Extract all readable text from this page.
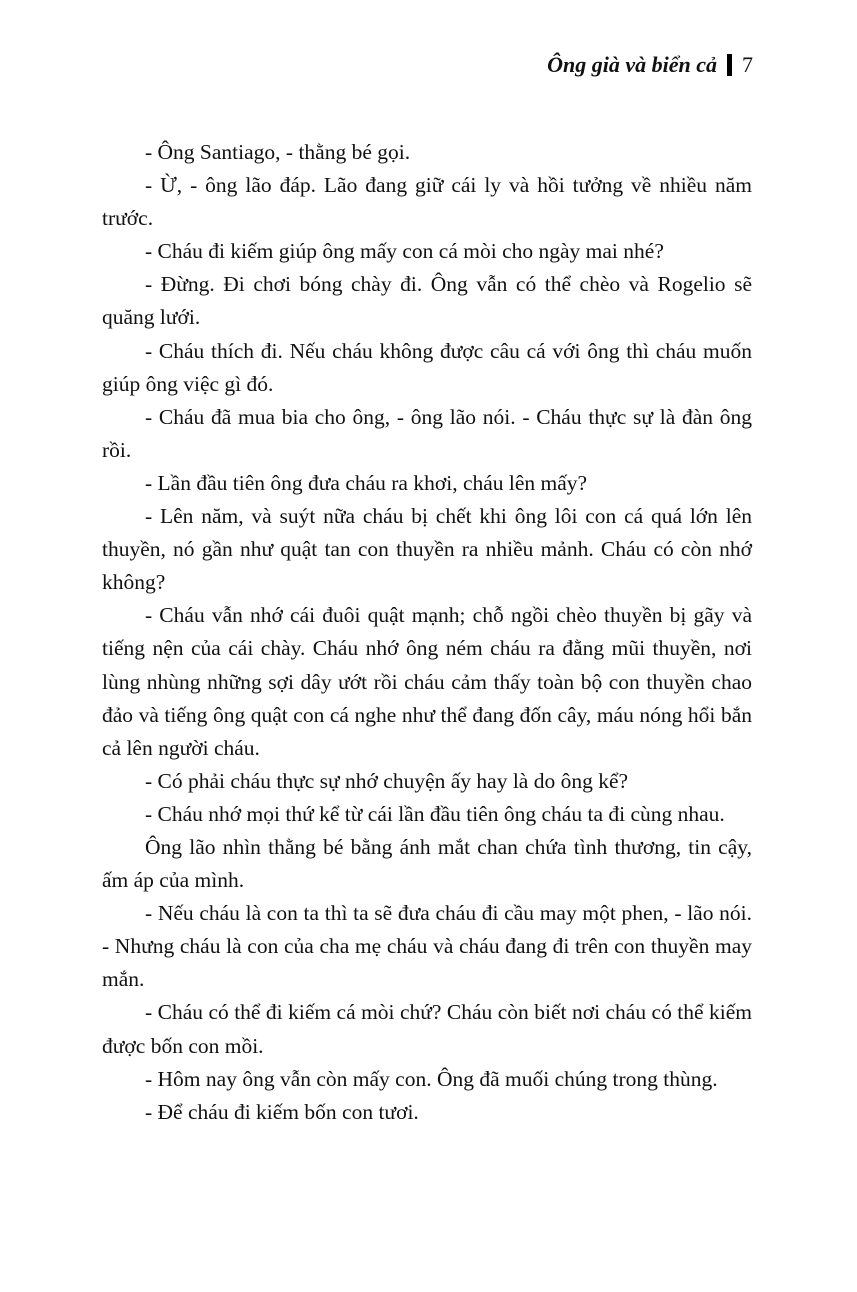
Ông già và biển cả 7

- Ông Santiago, - thằng bé gọi.

- Ừ, - ông lão đáp. Lão đang giữ cái ly và hồi tưởng về nhiều năm trước.

- Cháu đi kiếm giúp ông mấy con cá mòi cho ngày mai nhé?

- Đừng. Đi chơi bóng chày đi. Ông vẫn có thể chèo và Rogelio sẽ quăng lưới.

- Cháu thích đi. Nếu cháu không được câu cá với ông thì cháu muốn giúp ông việc gì đó.

- Cháu đã mua bia cho ông, - ông lão nói. - Cháu thực sự là đàn ông rồi.

- Lần đầu tiên ông đưa cháu ra khơi, cháu lên mấy?

- Lên năm, và suýt nữa cháu bị chết khi ông lôi con cá quá lớn lên thuyền, nó gần như quật tan con thuyền ra nhiều mảnh. Cháu có còn nhớ không?

- Cháu vẫn nhớ cái đuôi quật mạnh; chỗ ngồi chèo thuyền bị gãy và tiếng nện của cái chày. Cháu nhớ ông ném cháu ra đằng mũi thuyền, nơi lùng nhùng những sợi dây ướt rồi cháu cảm thấy toàn bộ con thuyền chao đảo và tiếng ông quật con cá nghe như thể đang đốn cây, máu nóng hổi bắn cả lên người cháu.

- Có phải cháu thực sự nhớ chuyện ấy hay là do ông kể?

- Cháu nhớ mọi thứ kể từ cái lần đầu tiên ông cháu ta đi cùng nhau.

Ông lão nhìn thằng bé bằng ánh mắt chan chứa tình thương, tin cậy, ấm áp của mình.

- Nếu cháu là con ta thì ta sẽ đưa cháu đi cầu may một phen, - lão nói. - Nhưng cháu là con của cha mẹ cháu và cháu đang đi trên con thuyền may mắn.

- Cháu có thể đi kiếm cá mòi chứ? Cháu còn biết nơi cháu có thể kiếm được bốn con mồi.

- Hôm nay ông vẫn còn mấy con. Ông đã muối chúng trong thùng.

- Để cháu đi kiếm bốn con tươi.
